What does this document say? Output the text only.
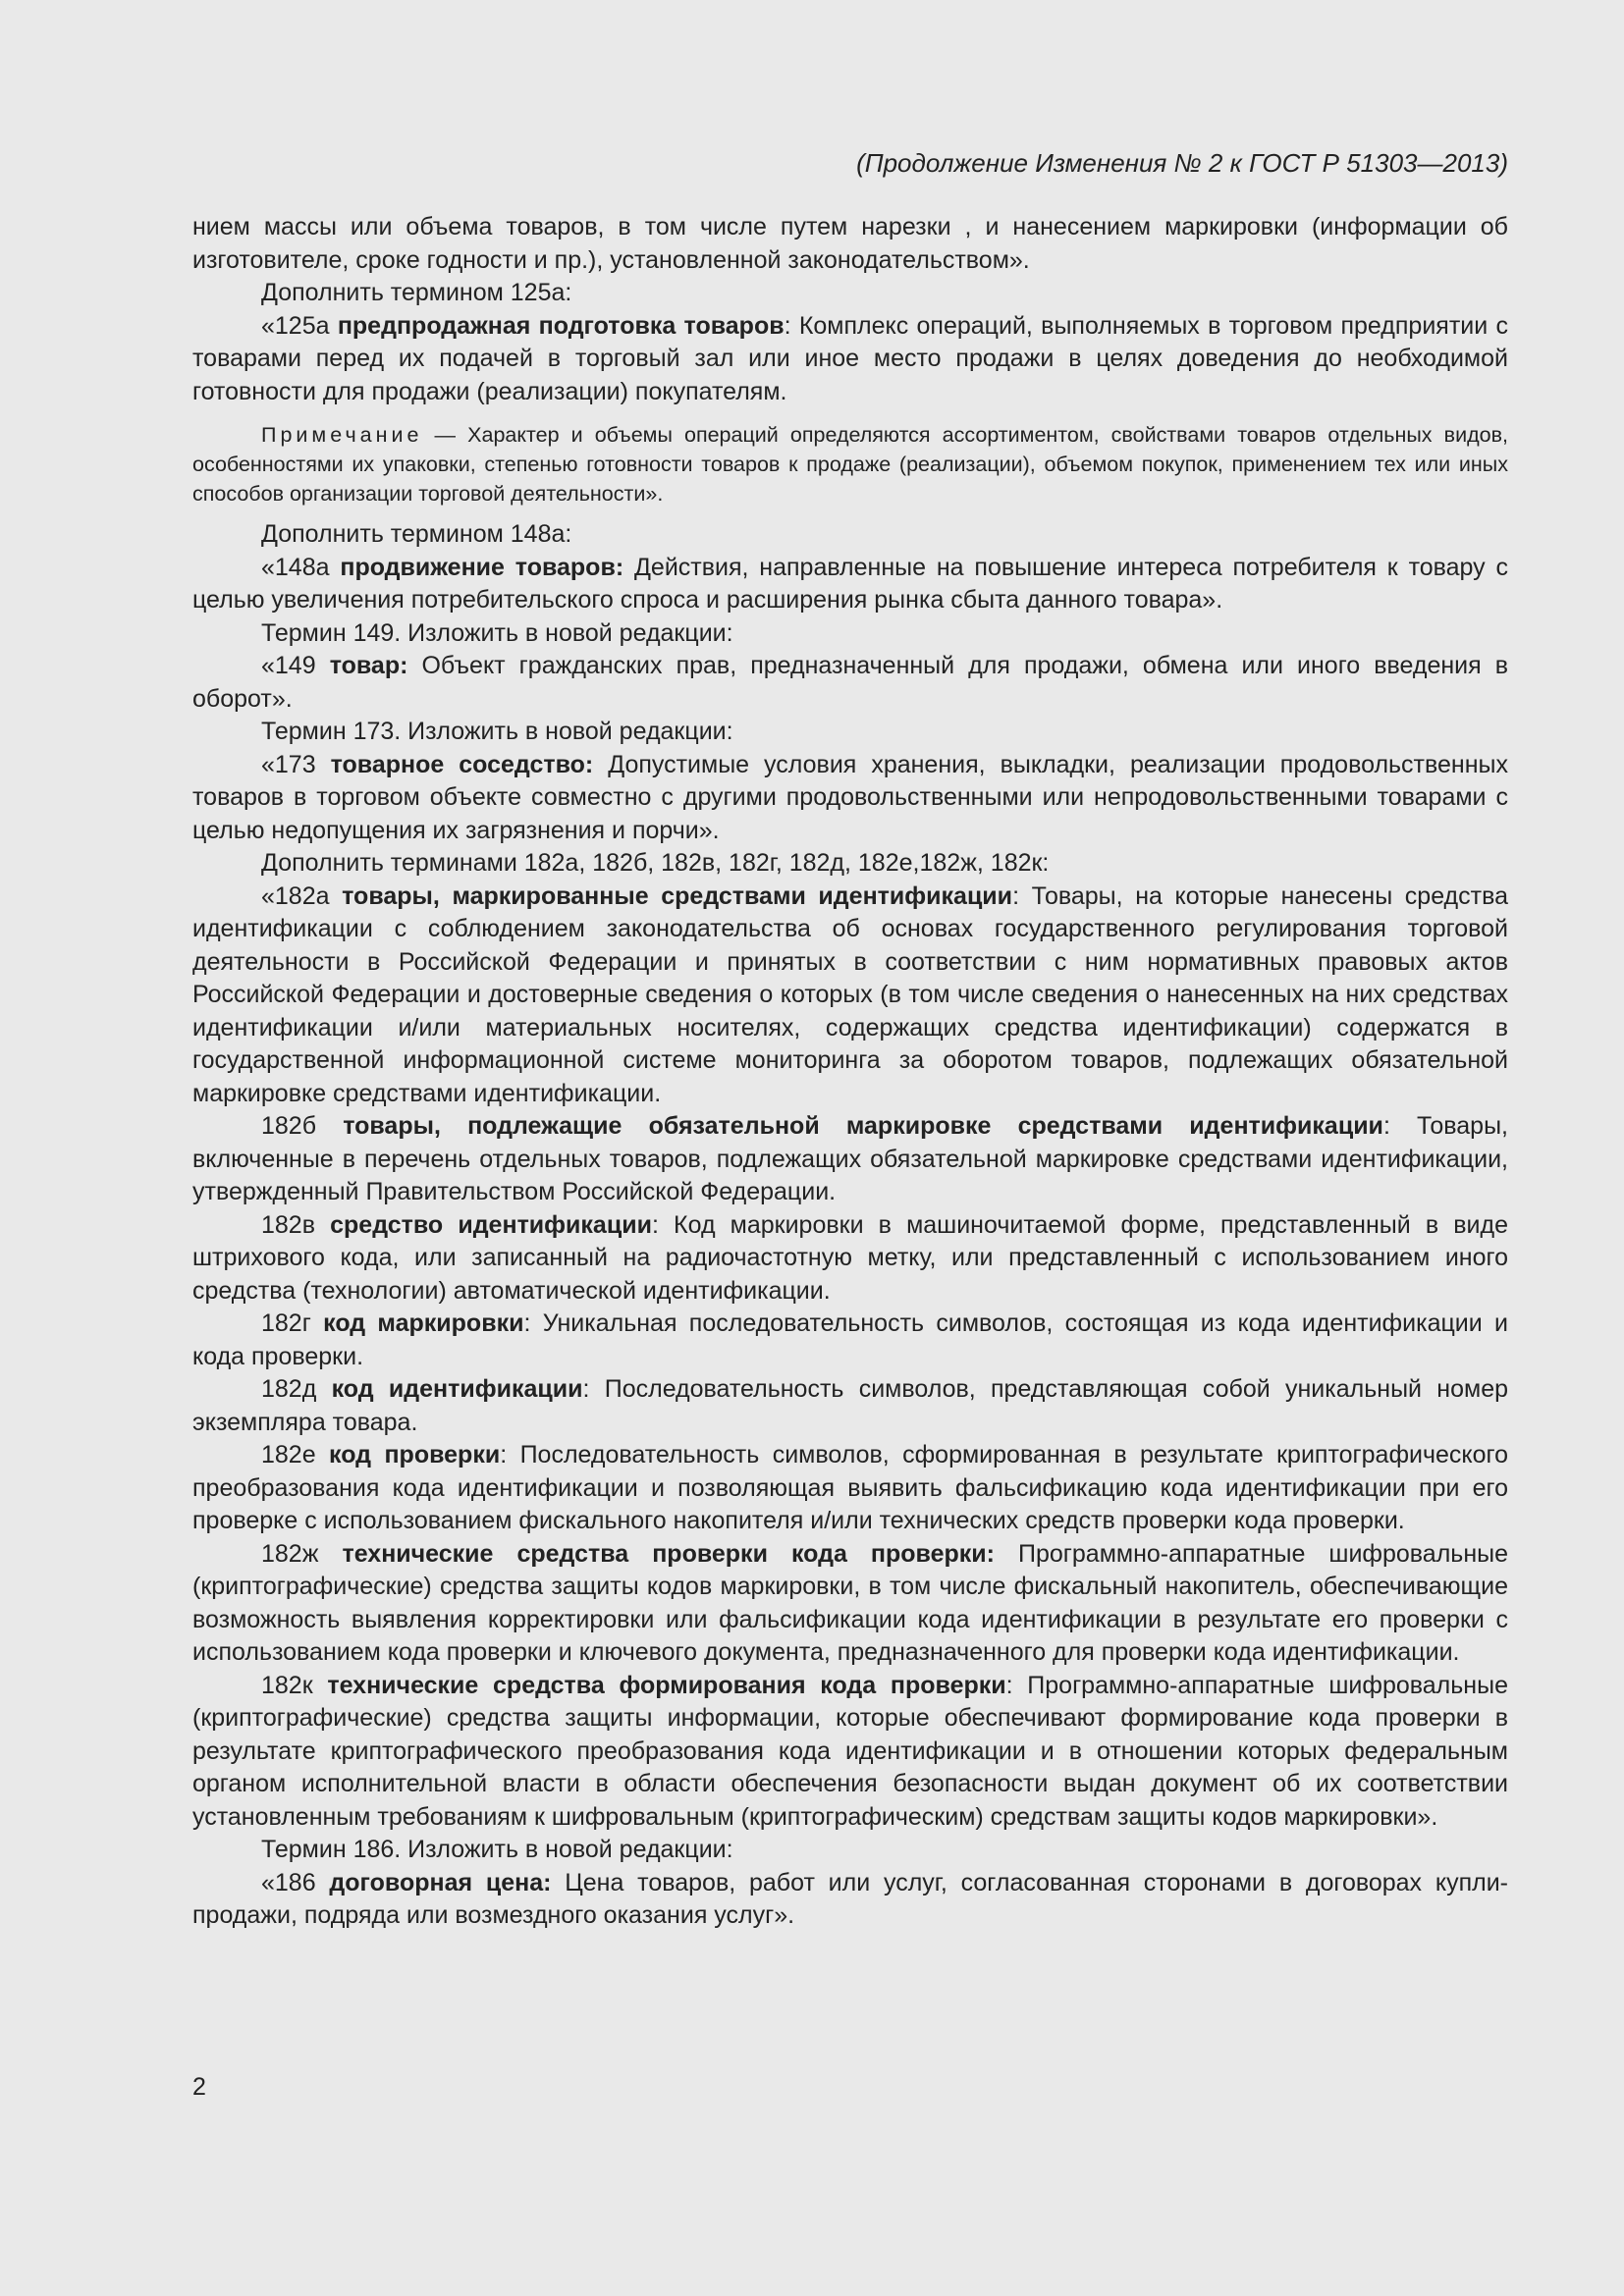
(Продолжение Изменения № 2 к ГОСТ Р 51303—2013)

нием массы или объема товаров, в том числе путем нарезки , и нанесением маркировки (информации об изготовителе, сроке годности и пр.), установленной законодательством».

Дополнить термином 125а:

«125а предпродажная подготовка товаров: Комплекс операций, выполняемых в торговом предприятии с товарами перед их подачей в торговый зал или иное место продажи в целях доведения до необходимой готовности для продажи (реализации) покупателям.

Примечание — Характер и объемы операций определяются ассортиментом, свойствами товаров отдельных видов, особенностями их упаковки, степенью готовности товаров к продаже (реализации), объемом покупок, применением тех или иных способов организации торговой деятельности».

Дополнить термином 148а:

«148а продвижение товаров: Действия, направленные на повышение интереса потребителя к товару с целью увеличения потребительского спроса и расширения рынка сбыта данного товара».

Термин 149. Изложить в новой редакции:

«149 товар: Объект гражданских прав, предназначенный для продажи, обмена или иного введения в оборот».

Термин 173. Изложить в новой редакции:

«173 товарное соседство: Допустимые условия хранения, выкладки, реализации продовольственных товаров в торговом объекте совместно с другими продовольственными или непродовольственными товарами с целью недопущения их загрязнения и порчи».

Дополнить терминами 182а, 182б, 182в, 182г, 182д, 182е,182ж, 182к:

«182а товары, маркированные средствами идентификации: Товары, на которые нанесены средства идентификации с соблюдением законодательства об основах государственного регулирования торговой деятельности в Российской Федерации и принятых в соответствии с ним нормативных правовых актов Российской Федерации и достоверные сведения о которых (в том числе сведения о нанесенных на них средствах идентификации и/или материальных носителях, содержащих средства идентификации) содержатся в государственной информационной системе мониторинга за оборотом товаров, подлежащих обязательной маркировке средствами идентификации.

182б товары, подлежащие обязательной маркировке средствами идентификации: Товары, включенные в перечень отдельных товаров, подлежащих обязательной маркировке средствами идентификации, утвержденный Правительством Российской Федерации.

182в средство идентификации: Код маркировки в машиночитаемой форме, представленный в виде штрихового кода, или записанный на радиочастотную метку, или представленный с использованием иного средства (технологии) автоматической идентификации.

182г код маркировки: Уникальная последовательность символов, состоящая из кода идентификации и кода проверки.

182д код идентификации: Последовательность символов, представляющая собой уникальный номер экземпляра товара.

182е код проверки: Последовательность символов, сформированная в результате криптографического преобразования кода идентификации и позволяющая выявить фальсификацию кода идентификации при его проверке с использованием фискального накопителя и/или технических средств проверки кода проверки.

182ж технические средства проверки кода проверки: Программно-аппаратные шифровальные (криптографические) средства защиты кодов маркировки, в том числе фискальный накопитель, обеспечивающие возможность выявления корректировки или фальсификации кода идентификации в результате его проверки с использованием кода проверки и ключевого документа, предназначенного для проверки кода идентификации.

182к технические средства формирования кода проверки: Программно-аппаратные шифровальные (криптографические) средства защиты информации, которые обеспечивают формирование кода проверки в результате криптографического преобразования кода идентификации и в отношении которых федеральным органом исполнительной власти в области обеспечения безопасности выдан документ об их соответствии установленным требованиям к шифровальным (криптографическим) средствам защиты кодов маркировки».

Термин 186. Изложить в новой редакции:

«186 договорная цена: Цена товаров, работ или услуг, согласованная сторонами в договорах купли-продажи, подряда или возмездного оказания услуг».

2
